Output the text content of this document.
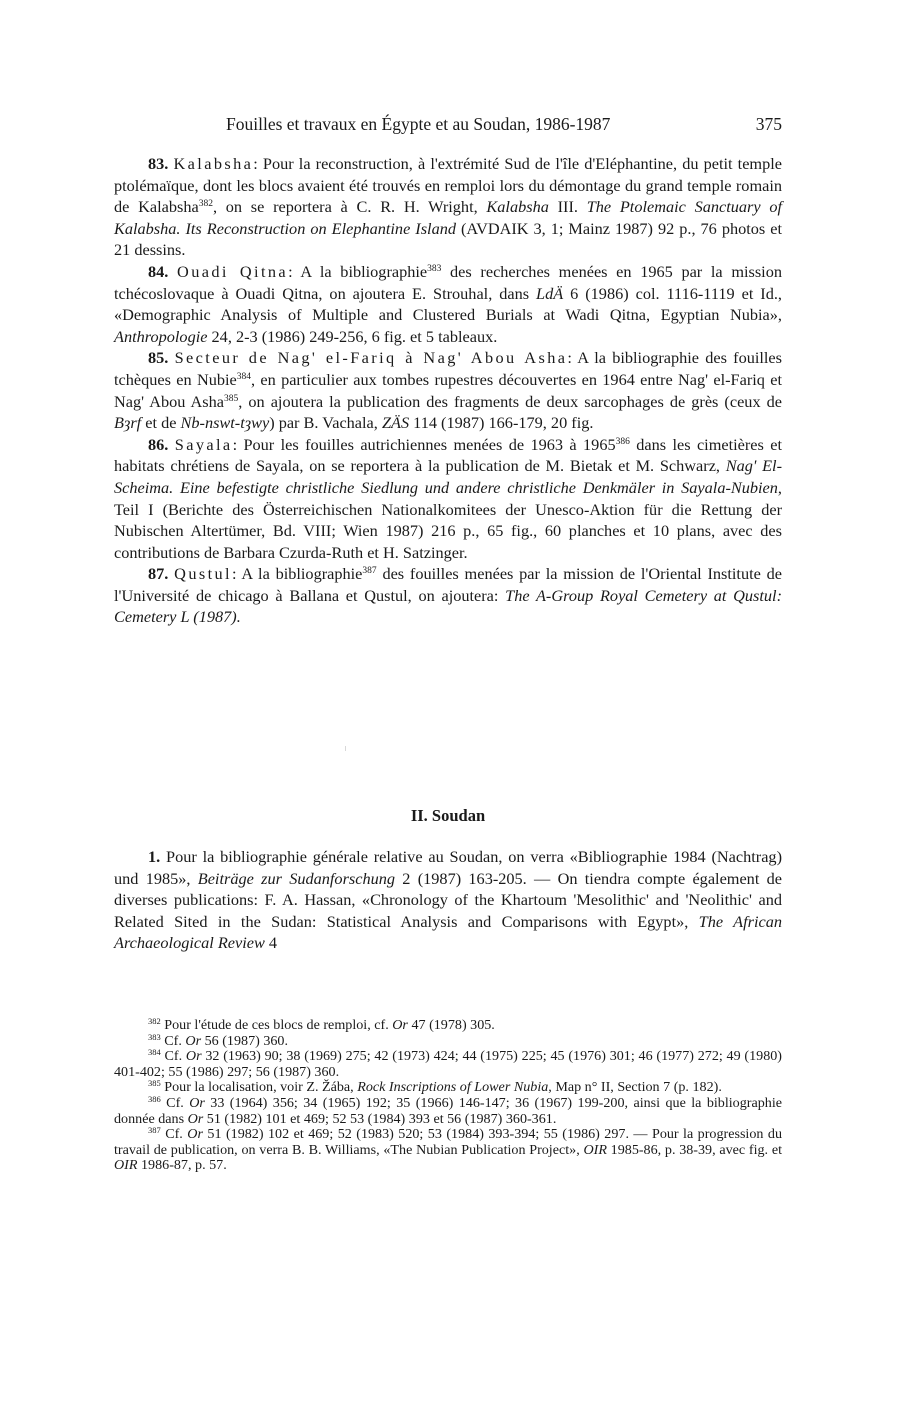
Fouilles et travaux en Égypte et au Soudan, 1986-1987	375

83. Kalabsha: Pour la reconstruction, à l'extrémité Sud de l'île d'Eléphantine, du petit temple ptolémaïque, dont les blocs avaient été trouvés en remploi lors du démontage du grand temple romain de Kalabsha$^{382}$, on se reportera à C. R. H. Wright, Kalabsha III. The Ptolemaic Sanctuary of Kalabsha. Its Reconstruction on Elephantine Island (AVDAIK 3, 1; Mainz 1987) 92 p., 76 photos et 21 dessins.

84. Ouadi Qitna: A la bibliographie$^{383}$ des recherches menées en 1965 par la mission tchécoslovaque à Ouadi Qitna, on ajoutera E. Strouhal, dans LdÄ 6 (1986) col. 1116-1119 et Id., «Demographic Analysis of Multiple and Clustered Burials at Wadi Qitna, Egyptian Nubia», Anthropologie 24, 2-3 (1986) 249-256, 6 fig. et 5 tableaux.

85. Secteur de Nag' el-Fariq à Nag' Abou Asha: A la bibliographie des fouilles tchèques en Nubie$^{384}$, en particulier aux tombes rupestres découvertes en 1964 entre Nag' el-Fariq et Nag' Abou Asha$^{385}$, on ajoutera la publication des fragments de deux sarcophages de grès (ceux de Bȝrf et de Nb-nswt-tȝwy) par B. Vachala, ZÄS 114 (1987) 166-179, 20 fig.

86. Sayala: Pour les fouilles autrichiennes menées de 1963 à 1965$^{386}$ dans les cimetières et habitats chrétiens de Sayala, on se reportera à la publication de M. Bietak et M. Schwarz, Nag' El-Scheima. Eine befestigte christliche Siedlung und andere christliche Denkmäler in Sayala-Nubien, Teil I (Berichte des Österreichischen Nationalkomitees der Unesco-Aktion für die Rettung der Nubischen Altertümer, Bd. VIII; Wien 1987) 216 p., 65 fig., 60 planches et 10 plans, avec des contributions de Barbara Czurda-Ruth et H. Satzinger.

87. Qustul: A la bibliographie$^{387}$ des fouilles menées par la mission de l'Oriental Institute de l'Université de chicago à Ballana et Qustul, on ajoutera: The A-Group Royal Cemetery at Qustul: Cemetery L (1987).

II. Soudan

1. Pour la bibliographie générale relative au Soudan, on verra «Bibliographie 1984 (Nachtrag) und 1985», Beiträge zur Sudanforschung 2 (1987) 163-205. — On tiendra compte également de diverses publications: F. A. Hassan, «Chronology of the Khartoum 'Mesolithic' and 'Neolithic' and Related Sited in the Sudan: Statistical Analysis and Comparisons with Egypt», The African Archaeological Review 4

$^{382}$ Pour l'étude de ces blocs de remploi, cf. Or 47 (1978) 305.

$^{383}$ Cf. Or 56 (1987) 360.

$^{384}$ Cf. Or 32 (1963) 90; 38 (1969) 275; 42 (1973) 424; 44 (1975) 225; 45 (1976) 301; 46 (1977) 272; 49 (1980) 401-402; 55 (1986) 297; 56 (1987) 360.

$^{385}$ Pour la localisation, voir Z. Žába, Rock Inscriptions of Lower Nubia, Map n° II, Section 7 (p. 182).

$^{386}$ Cf. Or 33 (1964) 356; 34 (1965) 192; 35 (1966) 146-147; 36 (1967) 199-200, ainsi que la bibliographie donnée dans Or 51 (1982) 101 et 469; 52 53 (1984) 393 et 56 (1987) 360-361.

$^{387}$ Cf. Or 51 (1982) 102 et 469; 52 (1983) 520; 53 (1984) 393-394; 55 (1986) 297. — Pour la progression du travail de publication, on verra B. B. Williams, «The Nubian Publication Project», OIR 1985-86, p. 38-39, avec fig. et OIR 1986-87, p. 57.
